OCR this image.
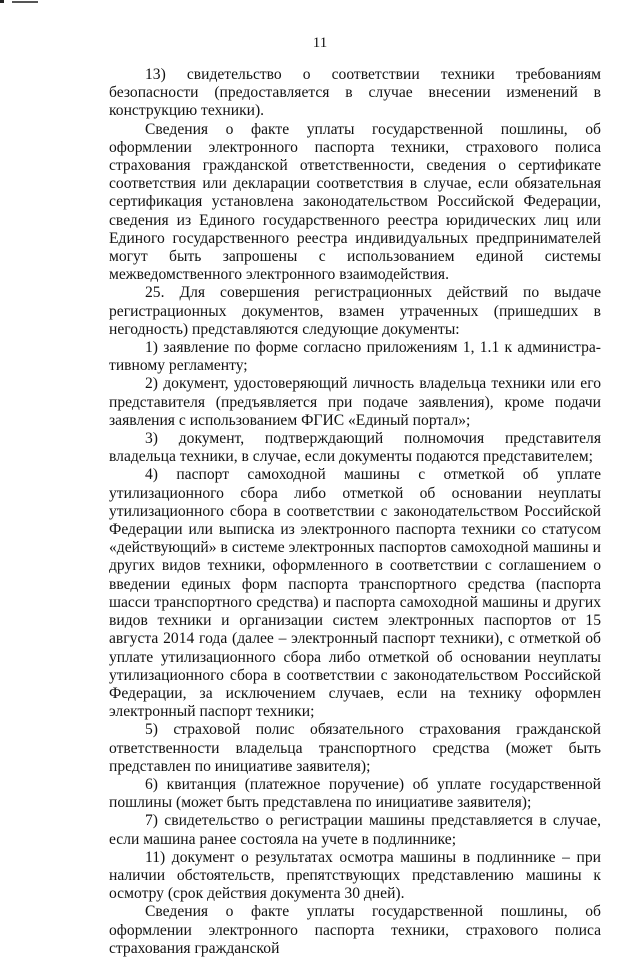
11

13) свидетельство о соответствии техники требованиям безопасности (предоставляется в случае внесении изменений в конструкцию техники).

Сведения о факте уплаты государственной пошлины, об оформлении электронного паспорта техники, страхового полиса страхования гражданской ответственности, сведения о сертификате соответствия или декларации соответствия в случае, если обязательная сертификация установлена законодательством Российской Федерации, сведения из Единого государственного реестра юридических лиц или Единого государственного реестра индивидуальных предпринимателей могут быть запрошены с использованием единой системы межведомственного электронного взаимодействия.

25. Для совершения регистрационных действий по выдаче регистрационных документов, взамен утраченных (пришедших в негодность) представляются следующие документы:

1) заявление по форме согласно приложениям 1, 1.1 к административному регламенту;

2) документ, удостоверяющий личность владельца техники или его представителя (предъявляется при подаче заявления), кроме подачи заявления с использованием ФГИС «Единый портал»;

3) документ, подтверждающий полномочия представителя владельца техники, в случае, если документы подаются представителем;

4) паспорт самоходной машины с отметкой об уплате утилизационного сбора либо отметкой об основании неуплаты утилизационного сбора в соответствии с законодательством Российской Федерации или выписка из электронного паспорта техники со статусом «действующий» в системе электронных паспортов самоходной машины и других видов техники, оформленного в соответствии с соглашением о введении единых форм паспорта транспортного средства (паспорта шасси транспортного средства) и паспорта самоходной машины и других видов техники и организации систем электронных паспортов от 15 августа 2014 года (далее – электронный паспорт техники), с отметкой об уплате утилизационного сбора либо отметкой об основании неуплаты утилизационного сбора в соответствии с законодательством Российской Федерации, за исключением случаев, если на технику оформлен электронный паспорт техники;

5) страховой полис обязательного страхования гражданской ответственности владельца транспортного средства (может быть представлен по инициативе заявителя);

6) квитанция (платежное поручение) об уплате государственной пошлины (может быть представлена по инициативе заявителя);

7) свидетельство о регистрации машины представляется в случае, если машина ранее состояла на учете в подлиннике;

11) документ о результатах осмотра машины в подлиннике – при наличии обстоятельств, препятствующих представлению машины к осмотру (срок действия документа 30 дней).

Сведения о факте уплаты государственной пошлины, об оформлении электронного паспорта техники, страхового полиса страхования гражданской
